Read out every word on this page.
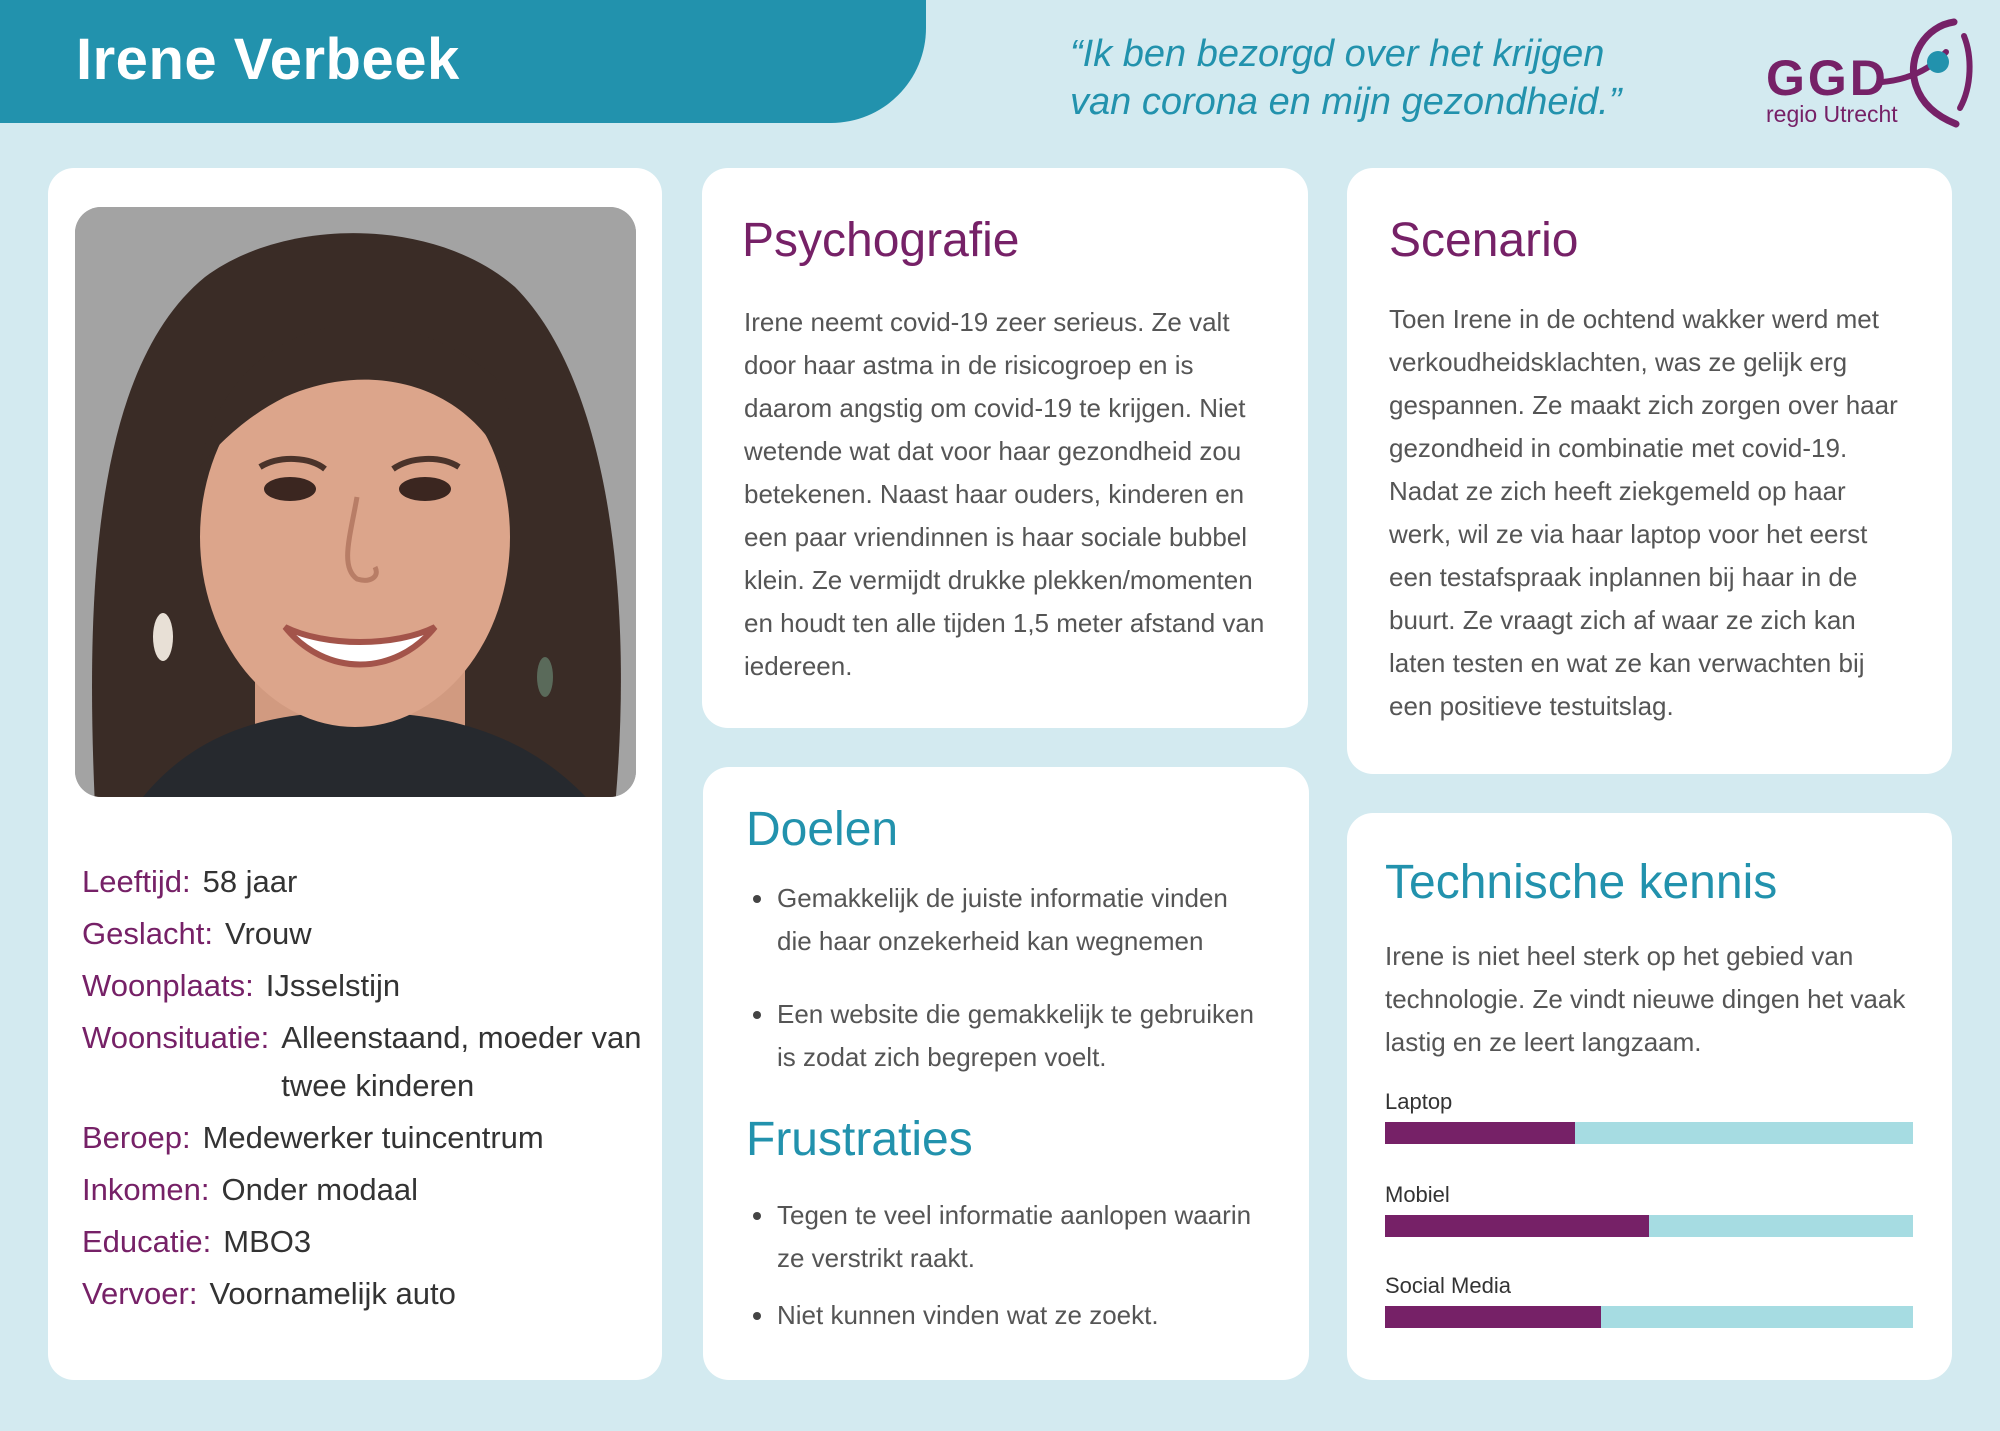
Irene Verbeek	“Ik ben bezorgd over het krijgen
van corona en mijn gezondheid.”	GGD
regio Utrecht
Leeftijd: 58 jaar
Geslacht: Vrouw
Woonplaats: IJsselstijn
Woonsituatie: Alleenstaand, moeder van twee kinderen
Beroep: Medewerker tuincentrum
Inkomen: Onder modaal
Educatie: MBO3
Vervoer: Voornamelijk auto
Psychografie
Irene neemt covid-19 zeer serieus. Ze valt door haar astma in de risicogroep en is daarom angstig om covid-19 te krijgen. Niet wetende wat dat voor haar gezondheid zou betekenen. Naast haar ouders, kinderen en een paar vriendinnen is haar sociale bubbel klein. Ze vermijdt drukke plekken/momenten en houdt ten alle tijden 1,5 meter afstand van iedereen.
Scenario
Toen Irene in de ochtend wakker werd met verkoudheidsklachten, was ze gelijk erg gespannen. Ze maakt zich zorgen over haar gezondheid in combinatie met covid-19. Nadat ze zich heeft ziekgemeld op haar werk, wil ze via haar laptop voor het eerst een testafspraak inplannen bij haar in de buurt. Ze vraagt zich af waar ze zich kan laten testen en wat ze kan verwachten bij een positieve testuitslag.
Doelen
Gemakkelijk de juiste informatie vinden die haar onzekerheid kan wegnemen
Een website die gemakkelijk te gebruiken is zodat zich begrepen voelt.
Frustraties
Tegen te veel informatie aanlopen waarin ze verstrikt raakt.
Niet kunnen vinden wat ze zoekt.
Technische kennis
Irene is niet heel sterk op het gebied van technologie. Ze vindt nieuwe dingen het vaak lastig en ze leert langzaam.
Laptop
Mobiel
Social Media
